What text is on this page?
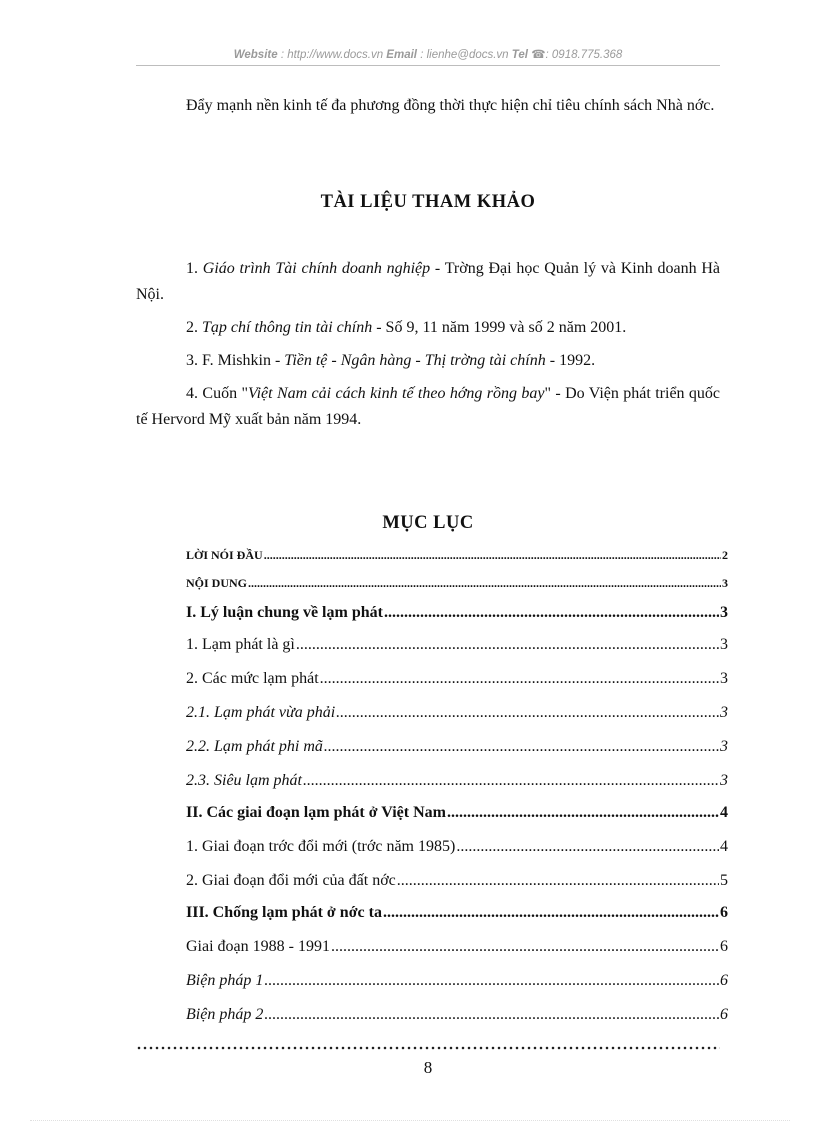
Website : http://www.docs.vn Email : lienhe@docs.vn Tel ☎: 0918.775.368
Đẩy mạnh nền kinh tế đa phương đồng thời thực hiện chỉ tiêu chính sách Nhà nớc.
TÀI LIỆU THAM KHẢO
1. Giáo trình Tài chính doanh nghiệp - Trờng Đại học Quản lý và Kinh doanh Hà Nội.
2. Tạp chí thông tin tài chính - Số 9, 11 năm 1999 và số 2 năm 2001.
3. F. Mishkin - Tiền tệ - Ngân hàng - Thị trờng tài chính - 1992.
4. Cuốn "Việt Nam cải cách kinh tế theo hớng rồng bay" - Do Viện phát triển quốc tế Hervord Mỹ xuất bản năm 1994.
MỤC LỤC
LỜI NÓI ĐẦU .....	2
NỘI DUNG .....	3
I. Lý luận chung về lạm phát .....	3
1. Lạm phát là gì .....	3
2. Các mức lạm phát .....	3
2.1. Lạm phát vừa phải .....	3
2.2. Lạm phát phi mã .....	3
2.3. Siêu lạm phát .....	3
II. Các giai đoạn lạm phát ở Việt Nam .....	4
1. Giai đoạn trớc đổi mới (trớc năm 1985) .....	4
2. Giai đoạn đổi mới của đất nớc .....	5
III. Chống lạm phát ở nớc ta .....	6
Giai đoạn 1988 - 1991 .....	6
Biện pháp 1 .....	6
Biện pháp 2 .....	6
8
